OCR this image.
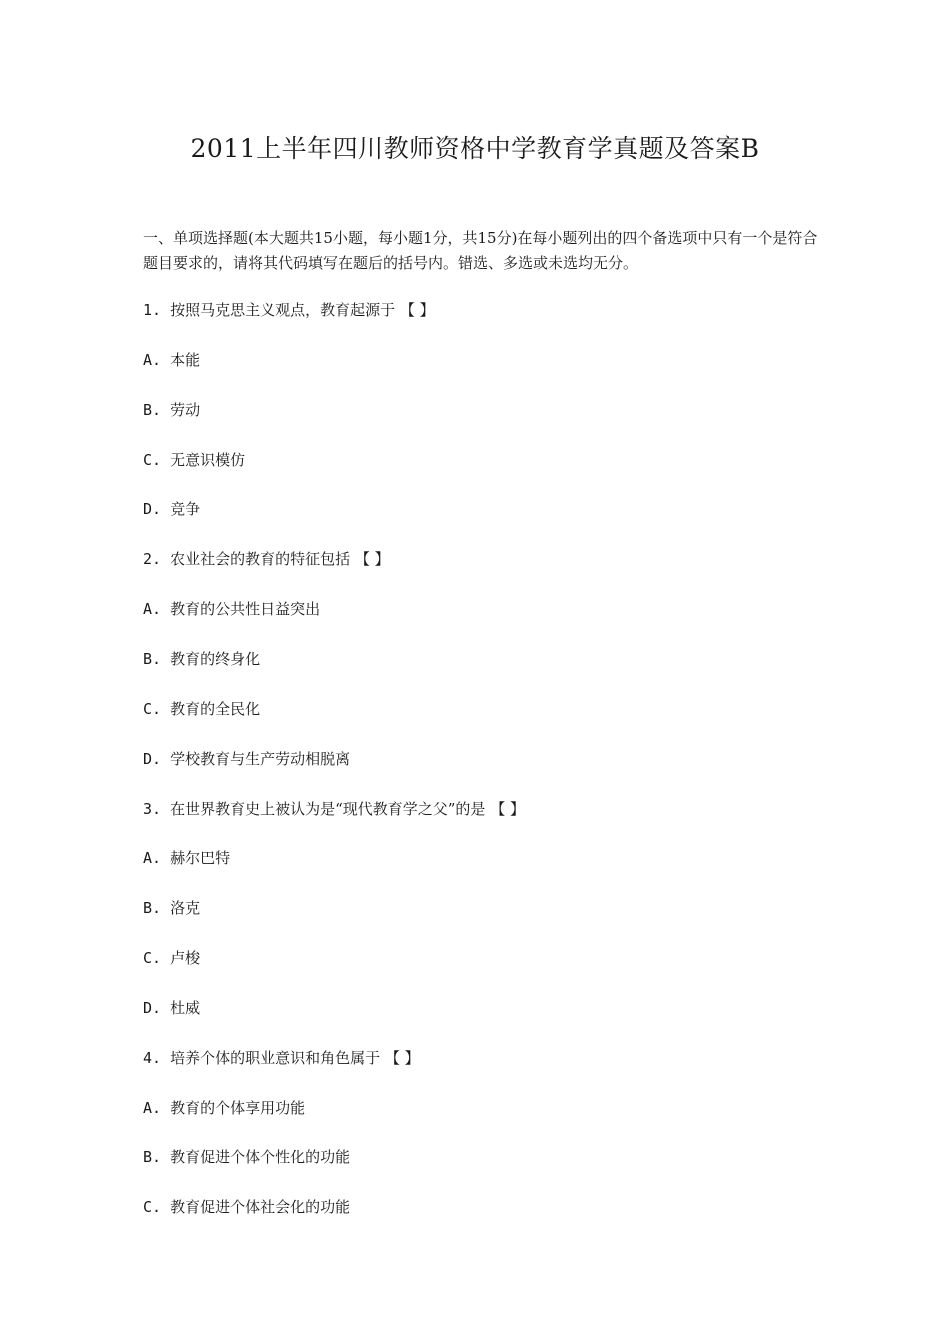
2011上半年四川教师资格中学教育学真题及答案B
一、单项选择题(本大题共15小题，每小题1分，共15分)在每小题列出的四个备选项中只有一个是符合题目要求的，请将其代码填写在题后的括号内。错选、多选或未选均无分。
1. 按照马克思主义观点，教育起源于 【 】
A. 本能
B. 劳动
C. 无意识模仿
D. 竞争
2. 农业社会的教育的特征包括 【 】
A. 教育的公共性日益突出
B. 教育的终身化
C. 教育的全民化
D. 学校教育与生产劳动相脱离
3. 在世界教育史上被认为是“现代教育学之父”的是 【 】
A. 赫尔巴特
B. 洛克
C. 卢梭
D. 杜威
4. 培养个体的职业意识和角色属于 【 】
A. 教育的个体享用功能
B. 教育促进个体个性化的功能
C. 教育促进个体社会化的功能
